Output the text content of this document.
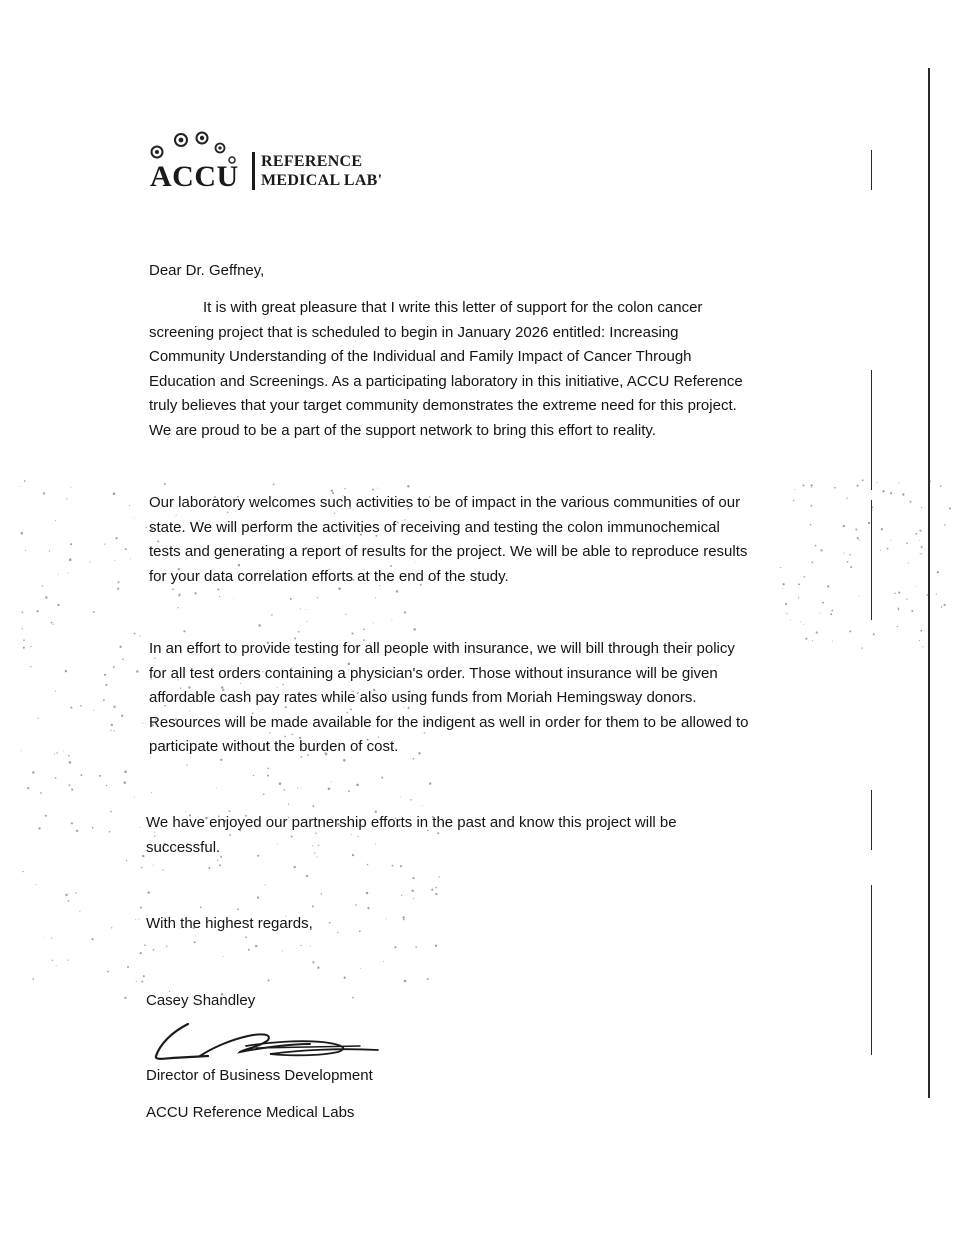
ACCU REFERENCE
MEDICAL LAB'
Dear Dr. Geffney,
It is with great pleasure that I write this letter of support for the colon cancer
screening project that is scheduled to begin in January 2026 entitled: Increasing
Community Understanding of the Individual and Family Impact of Cancer Through
Education and Screenings. As a participating laboratory in this initiative, ACCU Reference
truly believes that your target community demonstrates the extreme need for this project.
We are proud to be a part of the support network to bring this effort to reality.
Our laboratory welcomes such activities to be of impact in the various communities of our
state. We will perform the activities of receiving and testing the colon immunochemical
tests and generating a report of results for the project. We will be able to reproduce results
for your data correlation efforts at the end of the study.
In an effort to provide testing for all people with insurance, we will bill through their policy
for all test orders containing a physician's order. Those without insurance will be given
affordable cash pay rates while also using funds from Moriah Hemingsway donors.
Resources will be made available for the indigent as well in order for them to be allowed to
participate without the burden of cost.
We have enjoyed our partnership efforts in the past and know this project will be
successful.
With the highest regards,
Casey Shandley
Director of Business Development
ACCU Reference Medical Labs
